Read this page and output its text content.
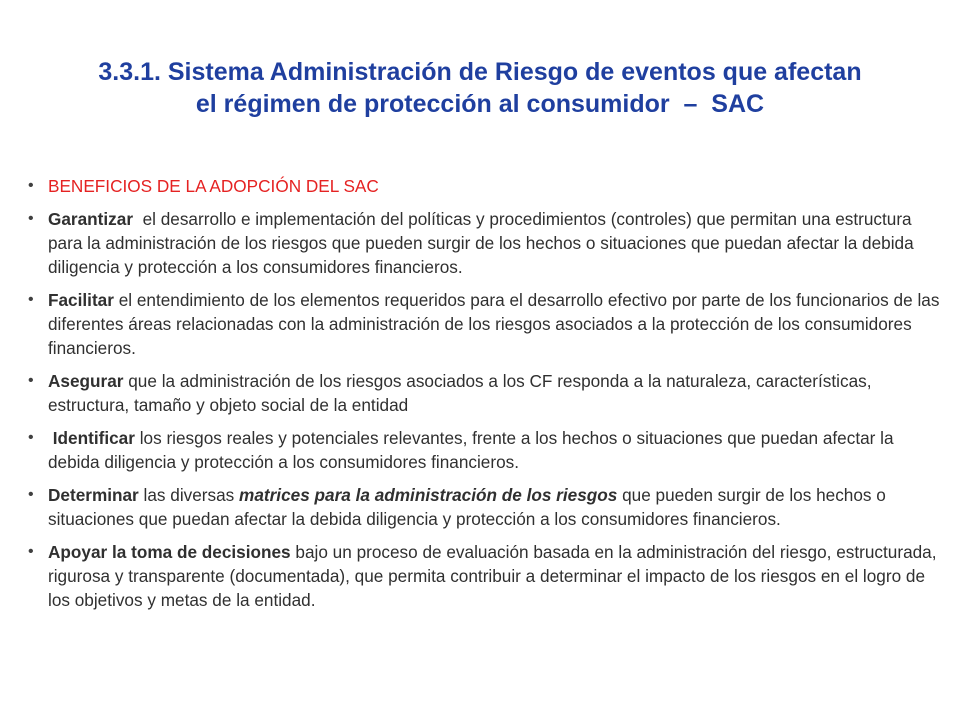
3.3.1. Sistema Administración de Riesgo de eventos que afectan
el régimen de protección al consumidor  –  SAC
• BENEFICIOS DE LA ADOPCIÓN DEL SAC
• Garantizar  el desarrollo e implementación del políticas y procedimientos (controles) que permitan una estructura para la administración de los riesgos que pueden surgir de los hechos o situaciones que puedan afectar la debida diligencia y protección a los consumidores financieros.
• Facilitar el entendimiento de los elementos requeridos para el desarrollo efectivo por parte de los funcionarios de las diferentes áreas relacionadas con la administración de los riesgos asociados a la protección de los consumidores financieros.
• Asegurar que la administración de los riesgos asociados a los CF responda a la naturaleza, características, estructura, tamaño y objeto social de la entidad
•	Identificar los riesgos reales y potenciales relevantes, frente a los hechos o situaciones que puedan afectar la debida diligencia y protección a los consumidores financieros.
• Determinar las diversas matrices para la administración de los riesgos que pueden surgir de los hechos o situaciones que puedan afectar la debida diligencia y protección a los consumidores financieros.
• Apoyar la toma de decisiones bajo un proceso de evaluación basada en la administración del riesgo, estructurada, rigurosa y transparente (documentada), que permita contribuir a determinar el impacto de los riesgos en el logro de los objetivos y metas de la entidad.
